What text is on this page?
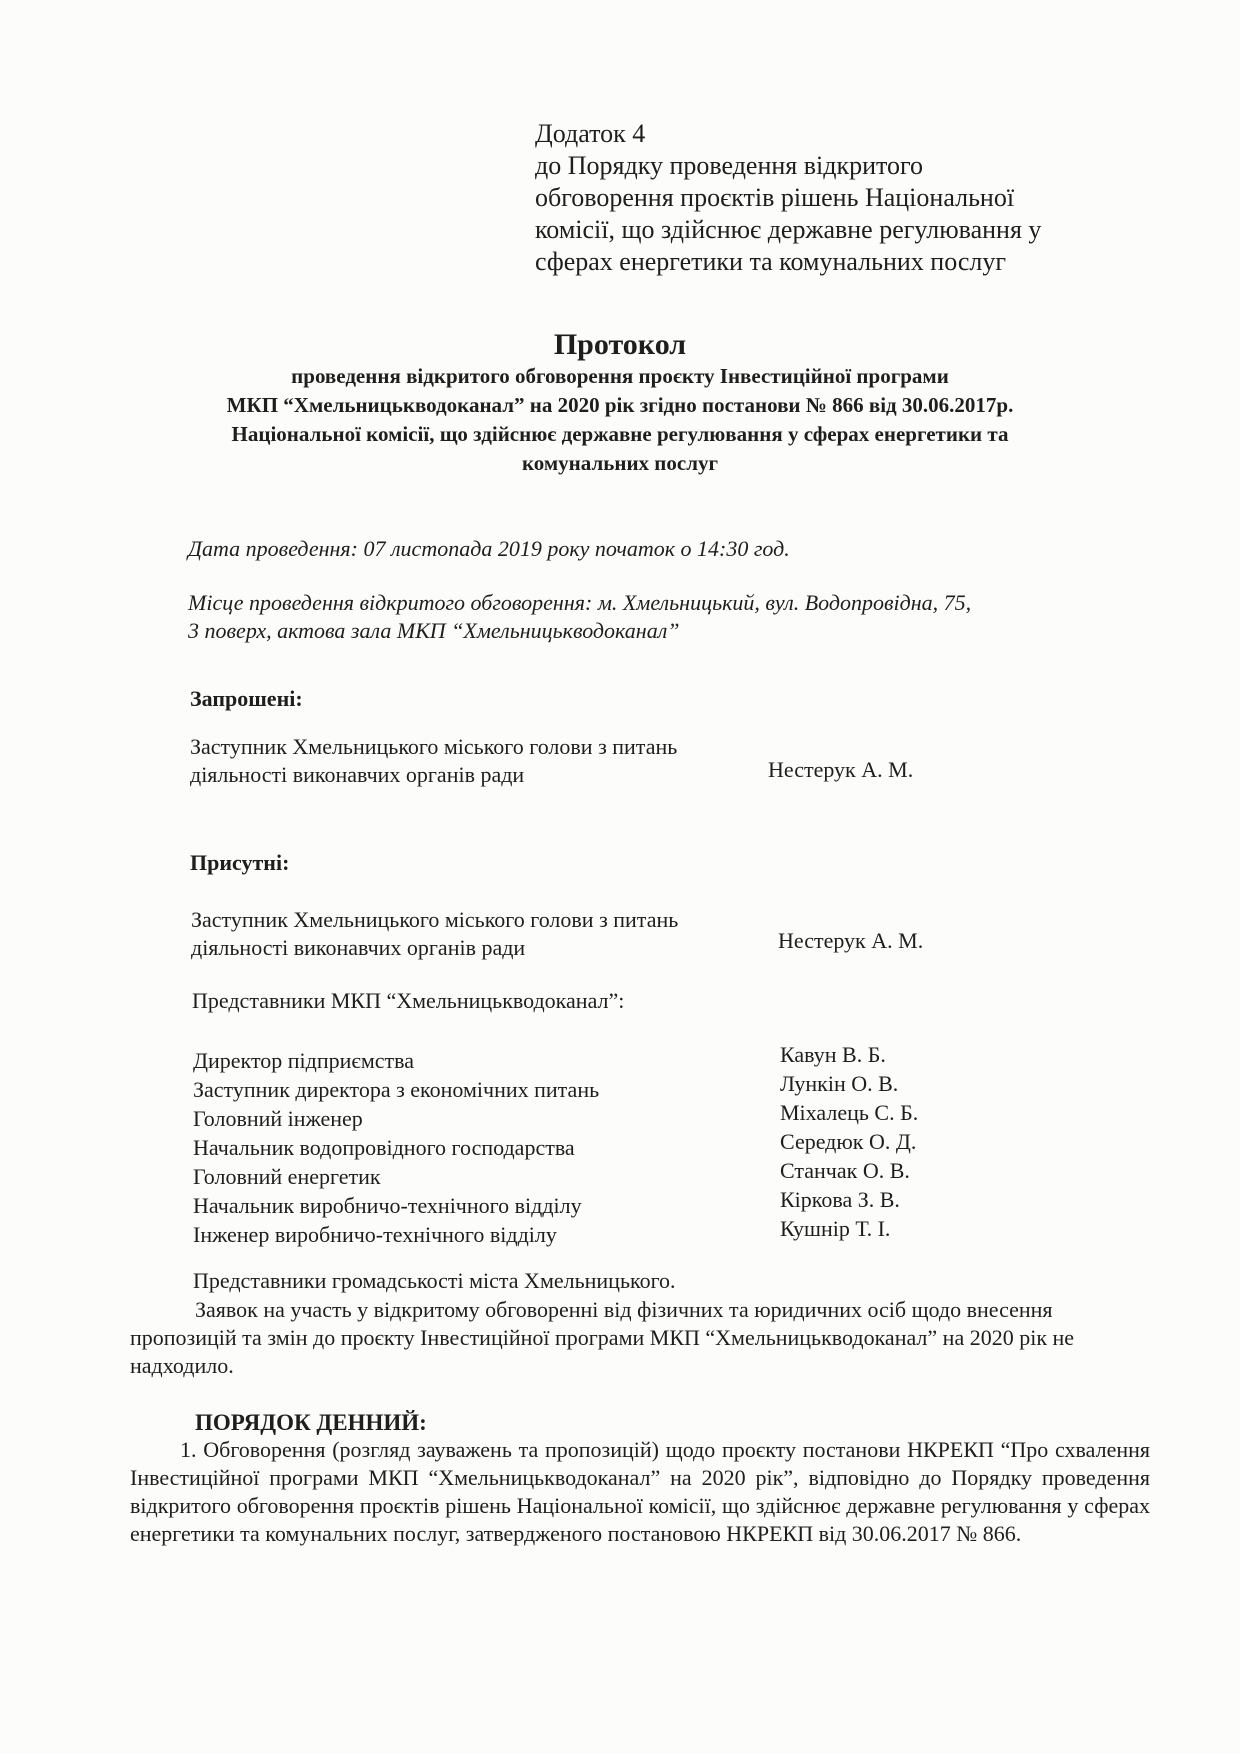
Додаток 4
до Порядку проведення відкритого
обговорення проєктів рішень Національної
комісії, що здійснює державне регулювання у
сферах енергетики та комунальних послуг
Протокол
проведення відкритого обговорення проєкту Інвестиційної програми
МКП “Хмельницькводоканал” на 2020 рік згідно постанови № 866 від 30.06.2017р.
Національної комісії, що здійснює державне регулювання у сферах енергетики та
комунальних послуг
Дата проведення: 07 листопада 2019 року початок о 14:30 год.
Місце проведення відкритого обговорення: м. Хмельницький, вул. Водопровідна, 75,
3 поверх, актова зала МКП “Хмельницькводоканал”
Запрошені:
Заступник Хмельницького міського голови з питань
діяльності виконавчих органів ради	Нестерук А. М.
Присутні:
Заступник Хмельницького міського голови з питань
діяльності виконавчих органів ради	Нестерук А. М.
Представники МКП “Хмельницькводоканал”:
Директор підприємства
Заступник директора з економічних питань
Головний інженер
Начальник водопровідного господарства
Головний енергетик
Начальник виробничо-технічного відділу
Інженер виробничо-технічного відділу
Кавун В. Б.
Лункін О. В.
Міхалець С. Б.
Середюк О. Д.
Станчак О. В.
Кіркова З. В.
Кушнір Т. І.
Представники громадськості міста Хмельницького.
Заявок на участь у відкритому обговоренні від фізичних та юридичних осіб щодо внесення пропозицій та змін до проєкту Інвестиційної програми МКП “Хмельницькводоканал” на 2020 рік не надходило.
ПОРЯДОК ДЕННИЙ:
1. Обговорення (розгляд зауважень та пропозицій) щодо проєкту постанови НКРЕКП “Про схвалення Інвестиційної програми МКП “Хмельницькводоканал” на 2020 рік”, відповідно до Порядку проведення відкритого обговорення проєктів рішень Національної комісії, що здійснює державне регулювання у сферах енергетики та комунальних послуг, затвердженого постановою НКРЕКП від 30.06.2017 № 866.
